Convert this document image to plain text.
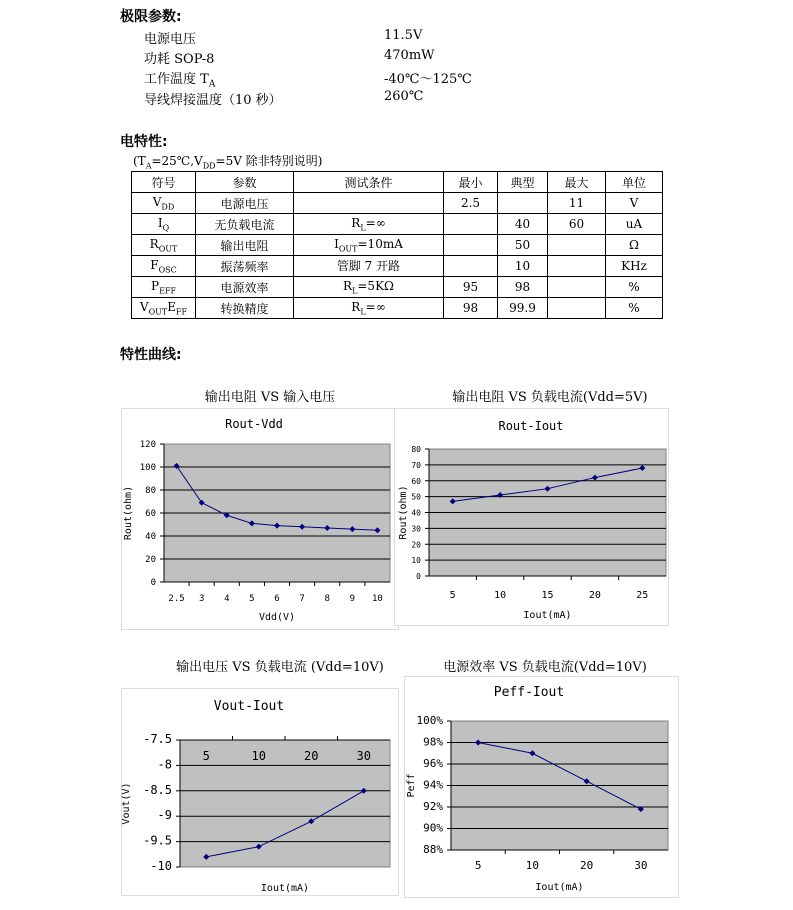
极限参数:
电源电压	11.5V
功耗 SOP-8	470mW
工作温度 $T_A$	-40℃～125℃
导线焊接温度（10 秒）	260℃
电特性:
($T_A=25℃,V_{DD}=5V$ 除非特别说明)
符号	参数	测试条件	最小	典型	最大	单位
$V_{DD}$	电源电压		2.5		11	V
$I_Q$	无负载电流	$R_L=\infty$		40	60	uA
$R_{OUT}$	输出电阻	$I_{OUT}=10mA$		50		Ω
$F_{OSC}$	振荡频率	管脚 7 开路		10		KHz
$P_{EFF}$	电源效率	$R_L=5K\Omega$	95	98		%
$V_{OUT}E_{FF}$	转换精度	$R_L=\infty$	98	99.9		%
特性曲线:
输出电阻 VS 输入电压	输出电阻 VS 负载电流(Vdd=5V)
输出电压 VS 负载电流 (Vdd=10V)	电源效率 VS 负载电流(Vdd=10V)
Rout-Vdd
0
20
40
60
80
100
120
2.5 3 4 5 6 7 8 9 10
Vdd(V)
Rout(ohm)
Rout-Iout
0
10
20
30
40
50
60
70
80
5	10	15	20	25
Iout(mA)
Rout(ohm)
Vout-Iout
-10
-9.5
-9
-8.5
-8
-7.5
5	10	20	30
Iout(mA)
Vout(V)
Peff-Iout
88%
90%
92%
94%
96%
98%
100%
5	10	20	30
Iout(mA)
Peff
